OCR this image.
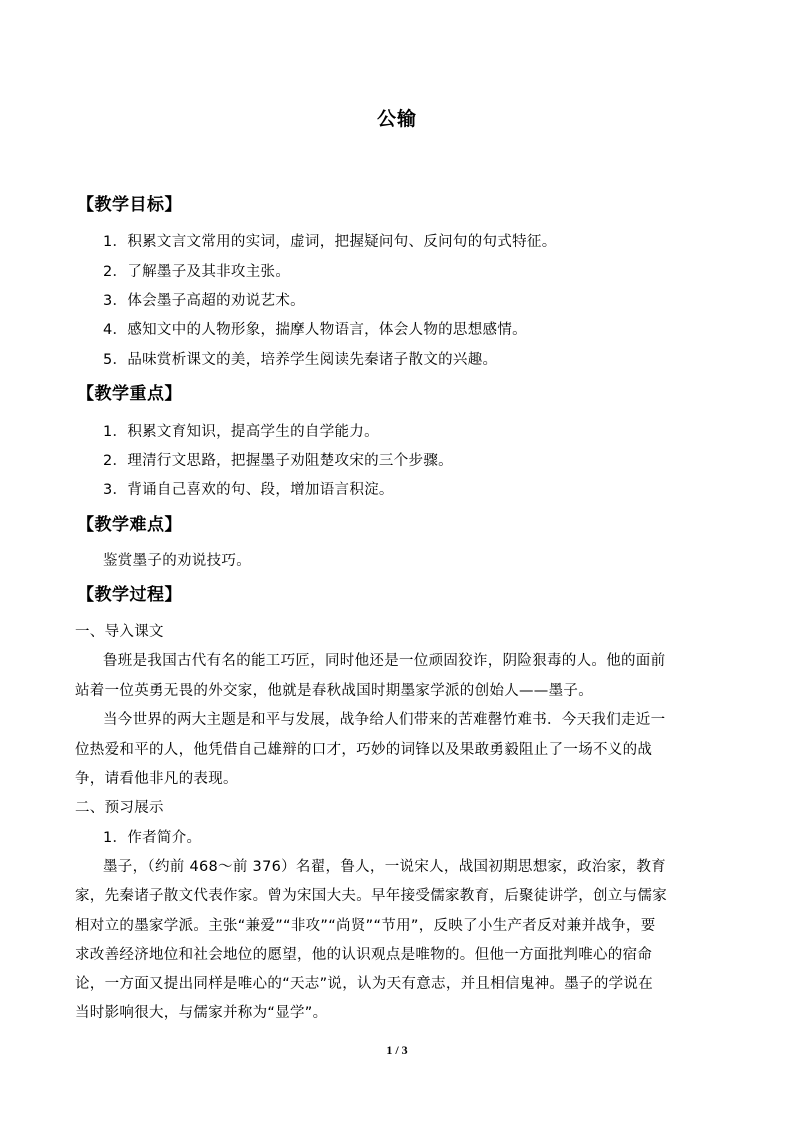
公输
【教学目标】
1．积累文言文常用的实词，虚词，把握疑问句、反问句的句式特征。
2．了解墨子及其非攻主张。
3．体会墨子高超的劝说艺术。
4．感知文中的人物形象，揣摩人物语言，体会人物的思想感情。
5．品味赏析课文的美，培养学生阅读先秦诸子散文的兴趣。
【教学重点】
1．积累文育知识，提高学生的自学能力。
2．理清行文思路，把握墨子劝阻楚攻宋的三个步骤。
3．背诵自己喜欢的句、段，增加语言积淀。
【教学难点】
鉴赏墨子的劝说技巧。
【教学过程】
一、导入课文
鲁班是我国古代有名的能工巧匠，同时他还是一位顽固狡诈，阴险狠毒的人。他的面前
站着一位英勇无畏的外交家，他就是春秋战国时期墨家学派的创始人——墨子。
当今世界的两大主题是和平与发展，战争给人们带来的苦难罄竹难书．今天我们走近一
位热爱和平的人，他凭借自己雄辩的口才，巧妙的词锋以及果敢勇毅阻止了一场不义的战
争，请看他非凡的表现。
二、预习展示
1．作者简介。
墨子，（约前 468～前 376）名翟，鲁人，一说宋人，战国初期思想家，政治家，教育
家，先秦诸子散文代表作家。曾为宋国大夫。早年接受儒家教育，后聚徒讲学，创立与儒家
相对立的墨家学派。主张“兼爱”“非攻”“尚贤”“节用”，反映了小生产者反对兼并战争，要
求改善经济地位和社会地位的愿望，他的认识观点是唯物的。但他一方面批判唯心的宿命
论，一方面又提出同样是唯心的“天志”说，认为天有意志，并且相信鬼神。墨子的学说在
当时影响很大，与儒家并称为“显学”。
1 / 3
